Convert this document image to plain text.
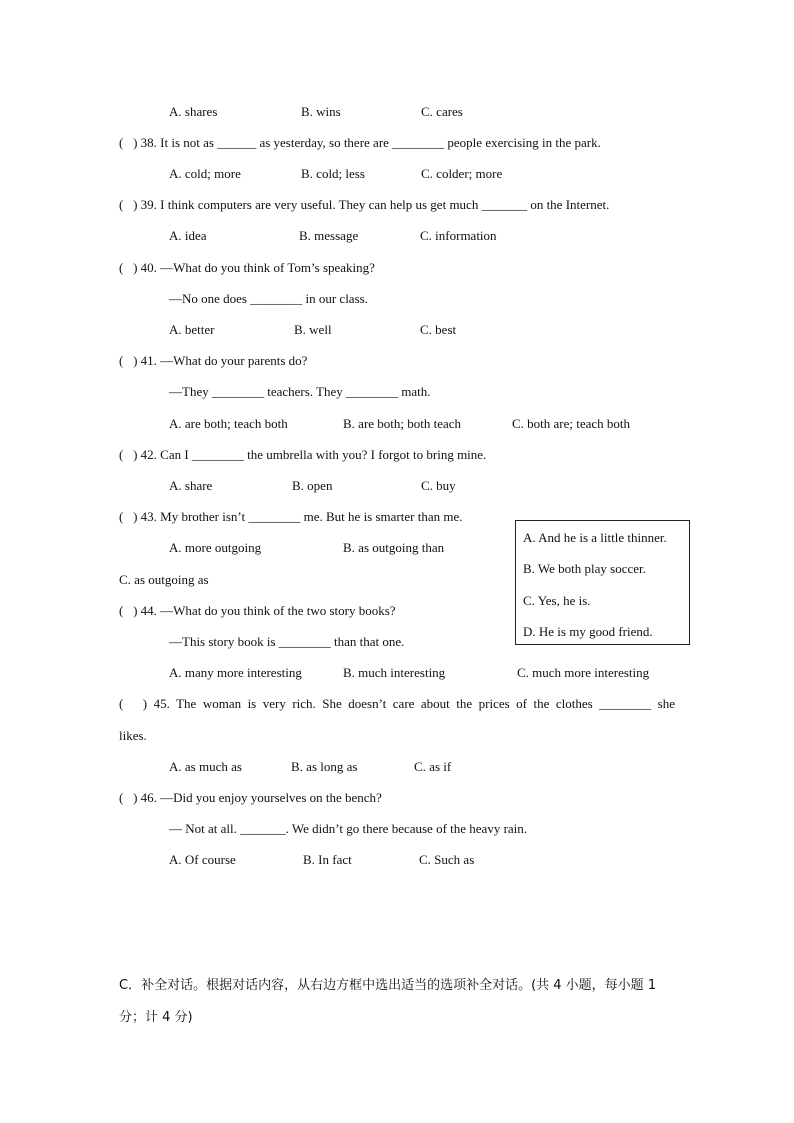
A. shares	B. wins	C. cares
(   ) 38. It is not as ______ as yesterday, so there are ________ people exercising in the park.
A. cold; more	B. cold; less	C. colder; more
(   ) 39. I think computers are very useful. They can help us get much _______ on the Internet.
A. idea	B. message	C. information
(   ) 40. —What do you think of Tom’s speaking?
—No one does ________ in our class.
A. better	B. well	C. best
(   ) 41. —What do your parents do?
—They ________ teachers. They ________ math.
A. are both; teach both	B. are both; both teach	C. both are; teach both
(   ) 42. Can I ________ the umbrella with you? I forgot to bring mine.
A. share	B. open	C. buy
(   ) 43. My brother isn’t ________ me. But he is smarter than me.
A. more outgoing	B. as outgoing than
C. as outgoing as
A. And he is a little thinner.
B. We both play soccer.
C. Yes, he is.
D. He is my good friend.
(   ) 44. —What do you think of the two story books?
—This story book is ________ than that one.
A. many more interesting	B. much interesting	C. much more interesting
(   ) 45. The woman is very rich. She doesn’t care about the prices of the clothes ________ she
likes.
A. as much as	B. as long as	C. as if
(   ) 46. —Did you enjoy yourselves on the bench?
— Not at all. _______. We didn’t go there because of the heavy rain.
A. Of course	B. In fact	C. Such as
C．补全对话。根据对话内容，从右边方框中选出适当的选项补全对话。(共 4 小题，每小题 1
分；计 4 分)
